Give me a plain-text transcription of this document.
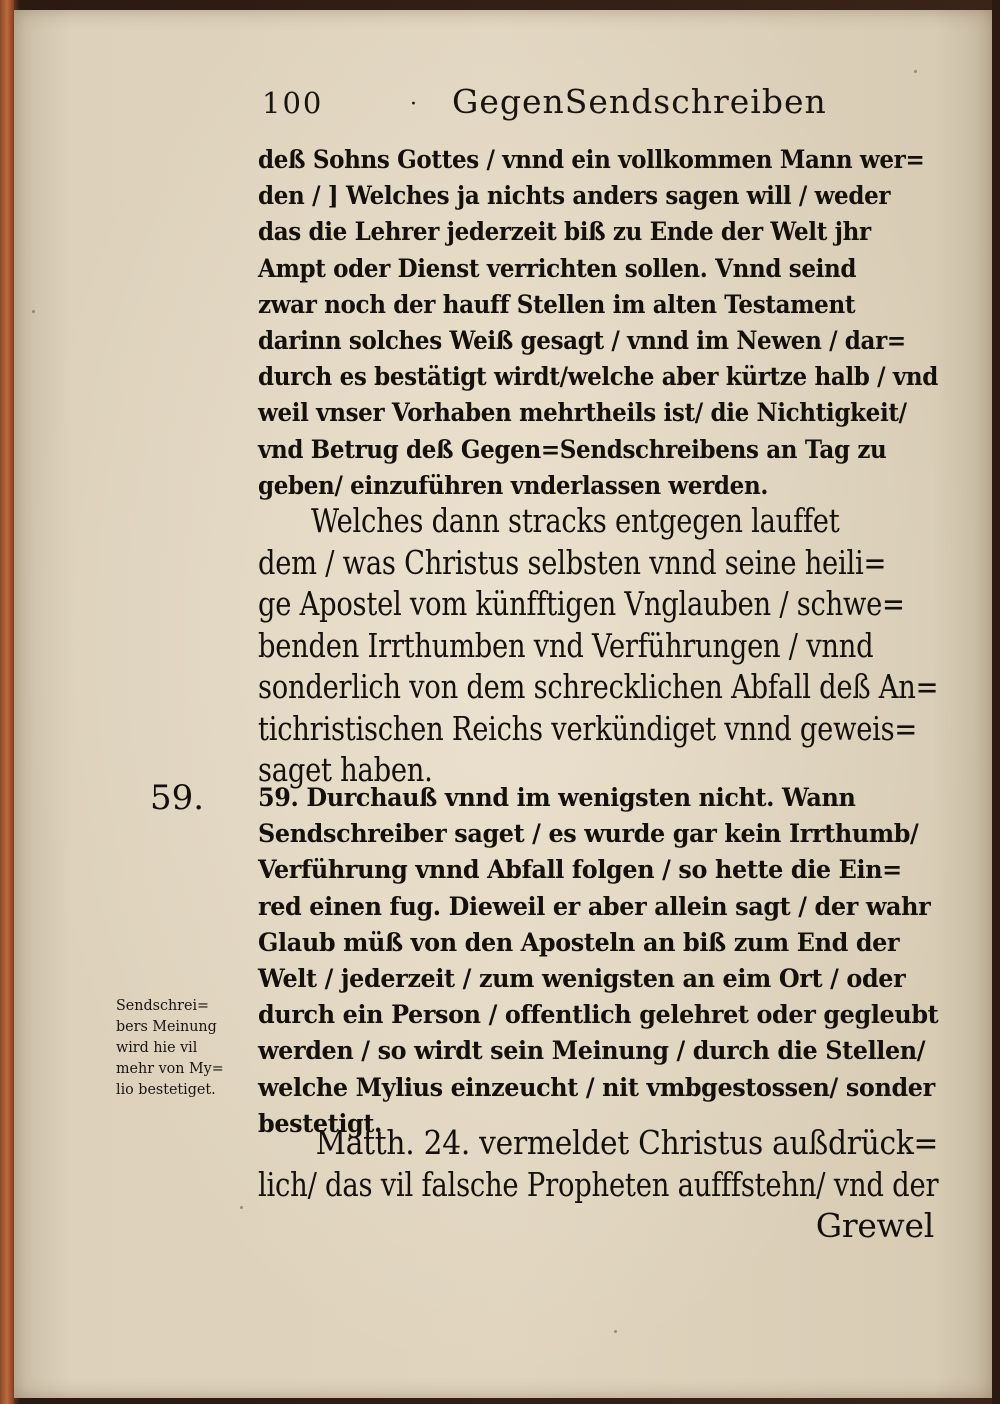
100	· GegenSendschreiben
deß Sohns Gottes / vnnd ein vollkommen Mann wer=
den / ] Welches ja nichts anders sagen will / weder
das die Lehrer jederzeit biß zu Ende der Welt jhr
Ampt oder Dienst verrichten sollen. Vnnd seind
zwar noch der hauff Stellen im alten Testament
darinn solches Weiß gesagt / vnnd im Newen / dar=
durch es bestätigt wirdt/welche aber kürtze halb / vnd
weil vnser Vorhaben mehrtheils ist/ die Nichtigkeit/
vnd Betrug deß Gegen=Sendschreibens an Tag zu
geben/ einzuführen vnderlassen werden.
Welches dann stracks entgegen lauffet
dem / was Christus selbsten vnnd seine heili=
ge Apostel vom künfftigen Vnglauben / schwe=
benden Irrthumben vnd Verführungen / vnnd
sonderlich von dem schrecklichen Abfall deß An=
tichristischen Reichs verkündiget vnnd geweis=
saget haben.
59. 59. Durchauß vnnd im wenigsten nicht. Wann
Sendschreiber saget / es wurde gar kein Irrthumb/
Verführung vnnd Abfall folgen / so hette die Ein=
red einen fug. Dieweil er aber allein sagt / der wahr
Glaub müß von den Aposteln an biß zum End der
Welt / jederzeit / zum wenigsten an eim Ort / oder
durch ein Person / offentlich gelehret oder gegleubt
werden / so wirdt sein Meinung / durch die Stellen/
welche Mylius einzeucht / nit vmbgestossen/ sonder
bestetigt.
Sendschrei=
bers Meinung
wird hie vil
mehr von My=
lio bestetiget.
Matth. 24. vermeldet Christus außdrück=
lich/ das vil falsche Propheten aufffstehn/ vnd der
Grewel
